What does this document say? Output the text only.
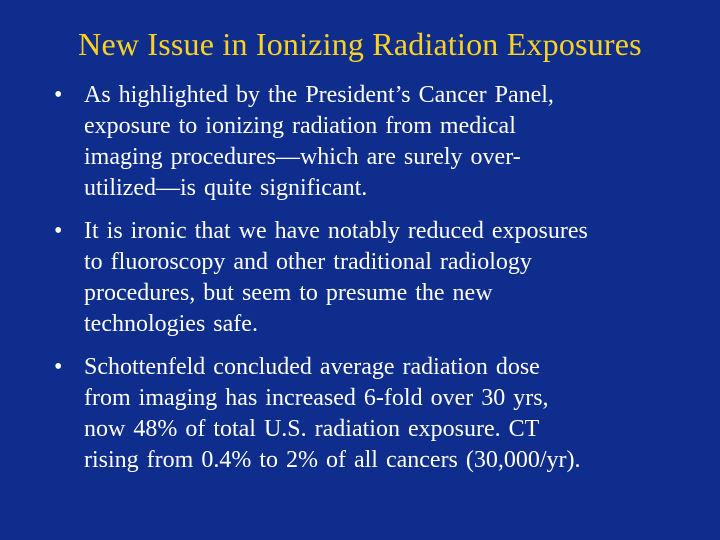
New Issue in Ionizing Radiation Exposures
• As highlighted by the President’s Cancer Panel,
exposure to ionizing radiation from medical
imaging procedures—which are surely over-
utilized—is quite significant.
• It is ironic that we have notably reduced exposures
to fluoroscopy and other traditional radiology
procedures, but seem to presume the new
technologies safe.
• Schottenfeld concluded average radiation dose
from imaging has increased 6-fold over 30 yrs,
now 48% of total U.S. radiation exposure. CT
rising from 0.4% to 2% of all cancers (30,000/yr).
